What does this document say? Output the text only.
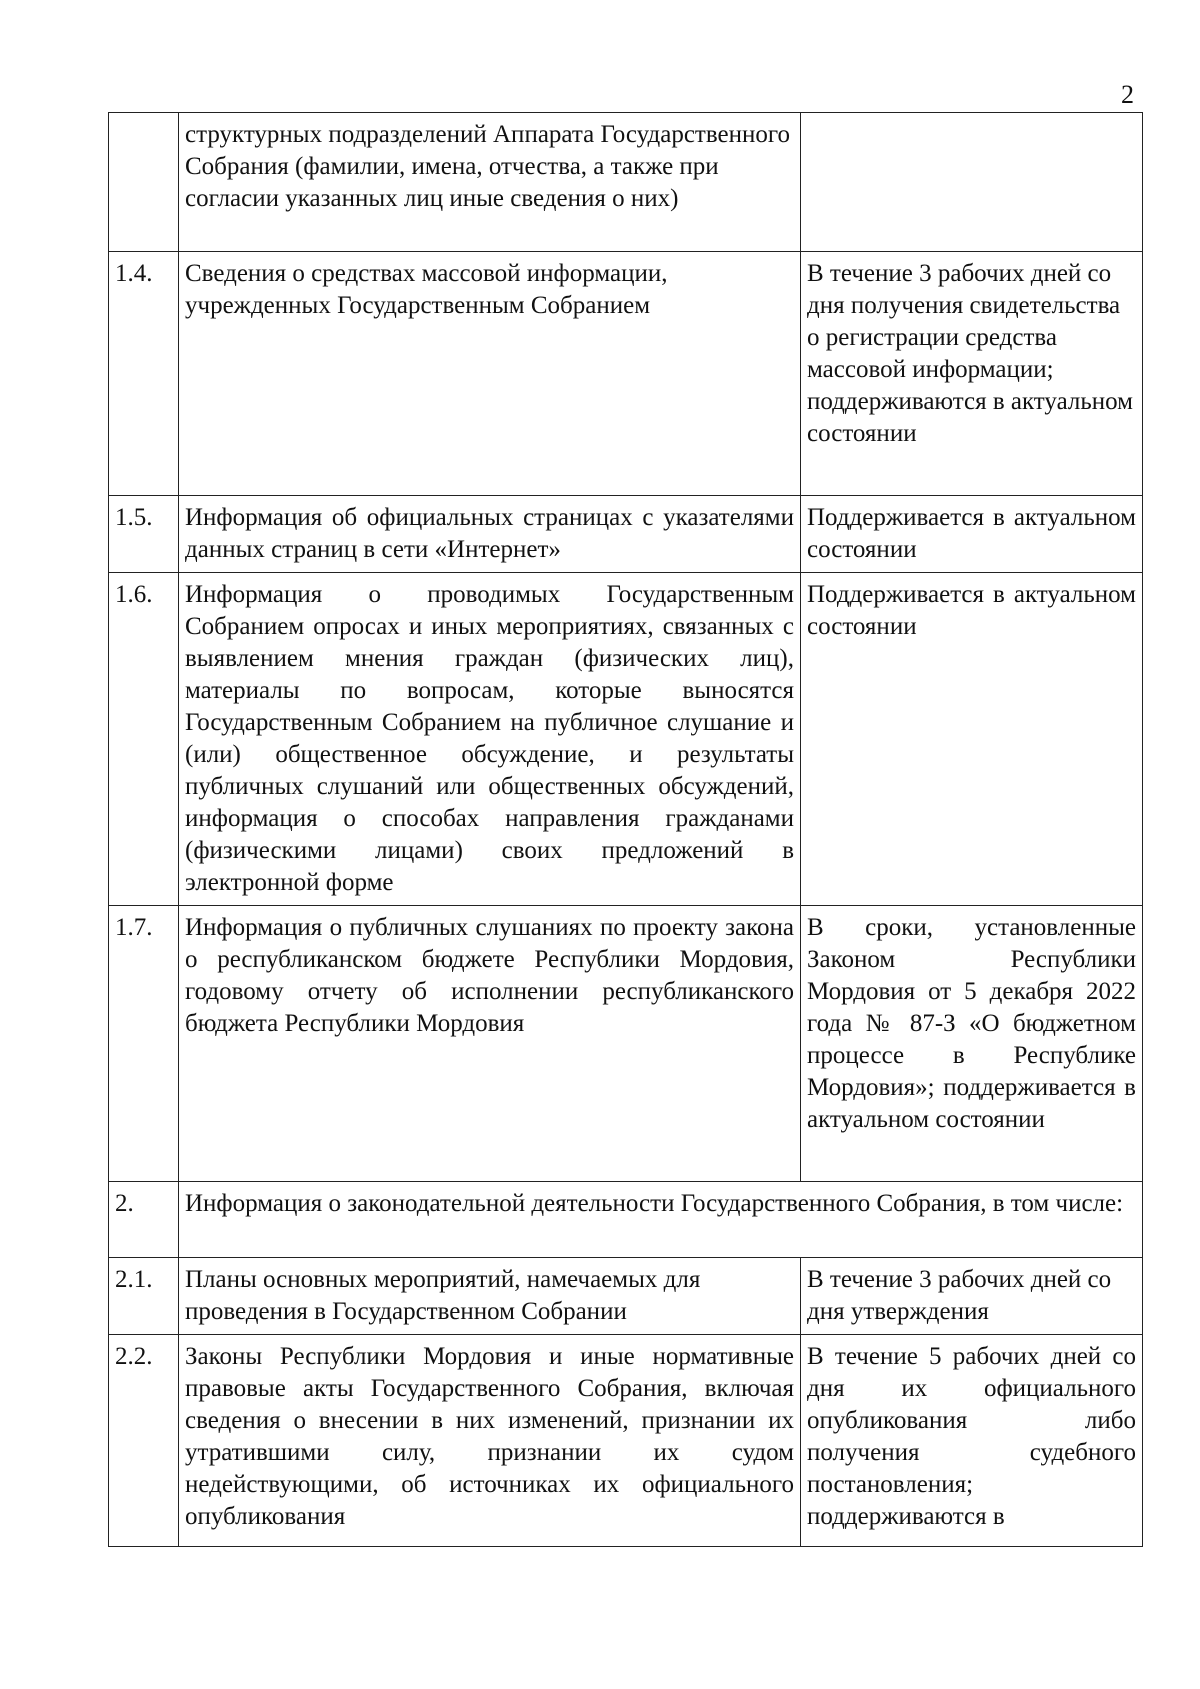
2
	структурных подразделений Аппарата Государственного Собрания (фамилии, имена, отчества, а также при согласии указанных лиц иные сведения о них)	
1.4.	Сведения о средствах массовой информации, учрежденных Государственным Собранием	В течение 3 рабочих дней со дня получения свидетельства о регистрации средства массовой информации; поддерживаются в актуальном состоянии
1.5.	Информация об официальных страницах с указателями данных страниц в сети «Интернет»	Поддерживается в актуальном состоянии
1.6.	Информация о проводимых Государственным Собранием опросах и иных мероприятиях, связанных с выявлением мнения граждан (физических лиц), материалы по вопросам, которые выносятся Государственным Собранием на публичное слушание и (или) общественное обсуждение, и результаты публичных слушаний или общественных обсуждений, информация о способах направления гражданами (физическими лицами) своих предложений в электронной форме	Поддерживается в актуальном состоянии
1.7.	Информация о публичных слушаниях по проекту закона о республиканском бюджете Республики Мордовия, годовому отчету об исполнении республиканского бюджета Республики Мордовия	В сроки, установленные Законом Республики Мордовия от 5 декабря 2022 года № 87-З «О бюджетном процессе в Республике Мордовия»; поддерживается в актуальном состоянии
2.	Информация о законодательной деятельности Государственного Собрания, в том числе:	
2.1.	Планы основных мероприятий, намечаемых для проведения в Государственном Собрании	В течение 3 рабочих дней со дня утверждения
2.2.	Законы Республики Мордовия и иные нормативные правовые акты Государственного Собрания, включая сведения о внесении в них изменений, признании их утратившими силу, признании их судом недействующими, об источниках их официального опубликования	В течение 5 рабочих дней со дня их официального опубликования либо получения судебного постановления; поддерживаются в
